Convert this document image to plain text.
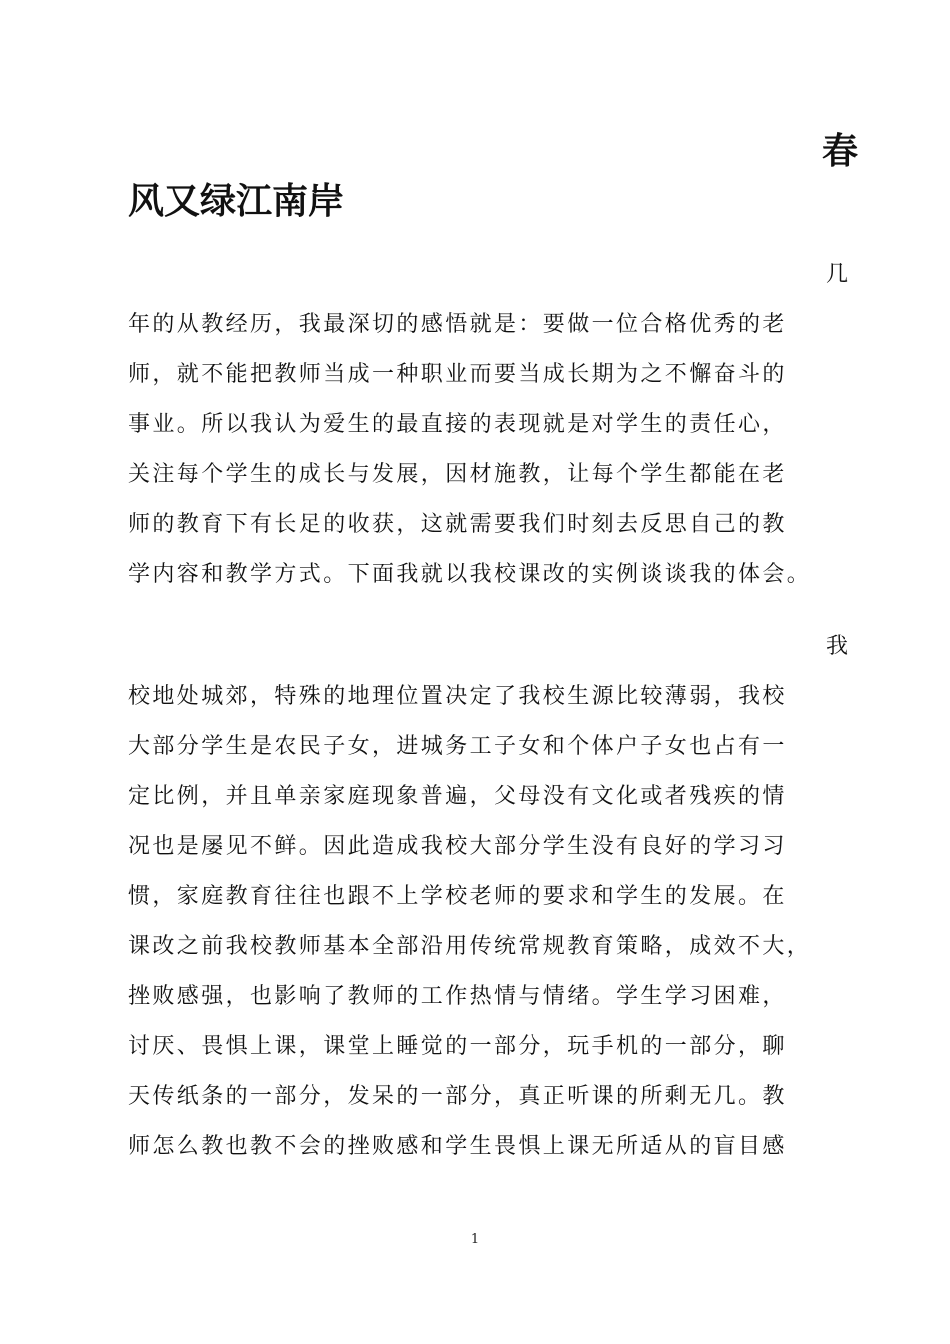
春
风又绿江南岸

几

年的从教经历，我最深切的感悟就是：要做一位合格优秀的老
师，就不能把教师当成一种职业而要当成长期为之不懈奋斗的
事业。所以我认为爱生的最直接的表现就是对学生的责任心，
关注每个学生的成长与发展，因材施教，让每个学生都能在老
师的教育下有长足的收获，这就需要我们时刻去反思自己的教
学内容和教学方式。下面我就以我校课改的实例谈谈我的体会。

我

校地处城郊，特殊的地理位置决定了我校生源比较薄弱，我校
大部分学生是农民子女，进城务工子女和个体户子女也占有一
定比例，并且单亲家庭现象普遍，父母没有文化或者残疾的情
况也是屡见不鲜。因此造成我校大部分学生没有良好的学习习
惯，家庭教育往往也跟不上学校老师的要求和学生的发展。在
课改之前我校教师基本全部沿用传统常规教育策略，成效不大，
挫败感强，也影响了教师的工作热情与情绪。学生学习困难，
讨厌、畏惧上课，课堂上睡觉的一部分，玩手机的一部分，聊
天传纸条的一部分，发呆的一部分，真正听课的所剩无几。教
师怎么教也教不会的挫败感和学生畏惧上课无所适从的盲目感
1
